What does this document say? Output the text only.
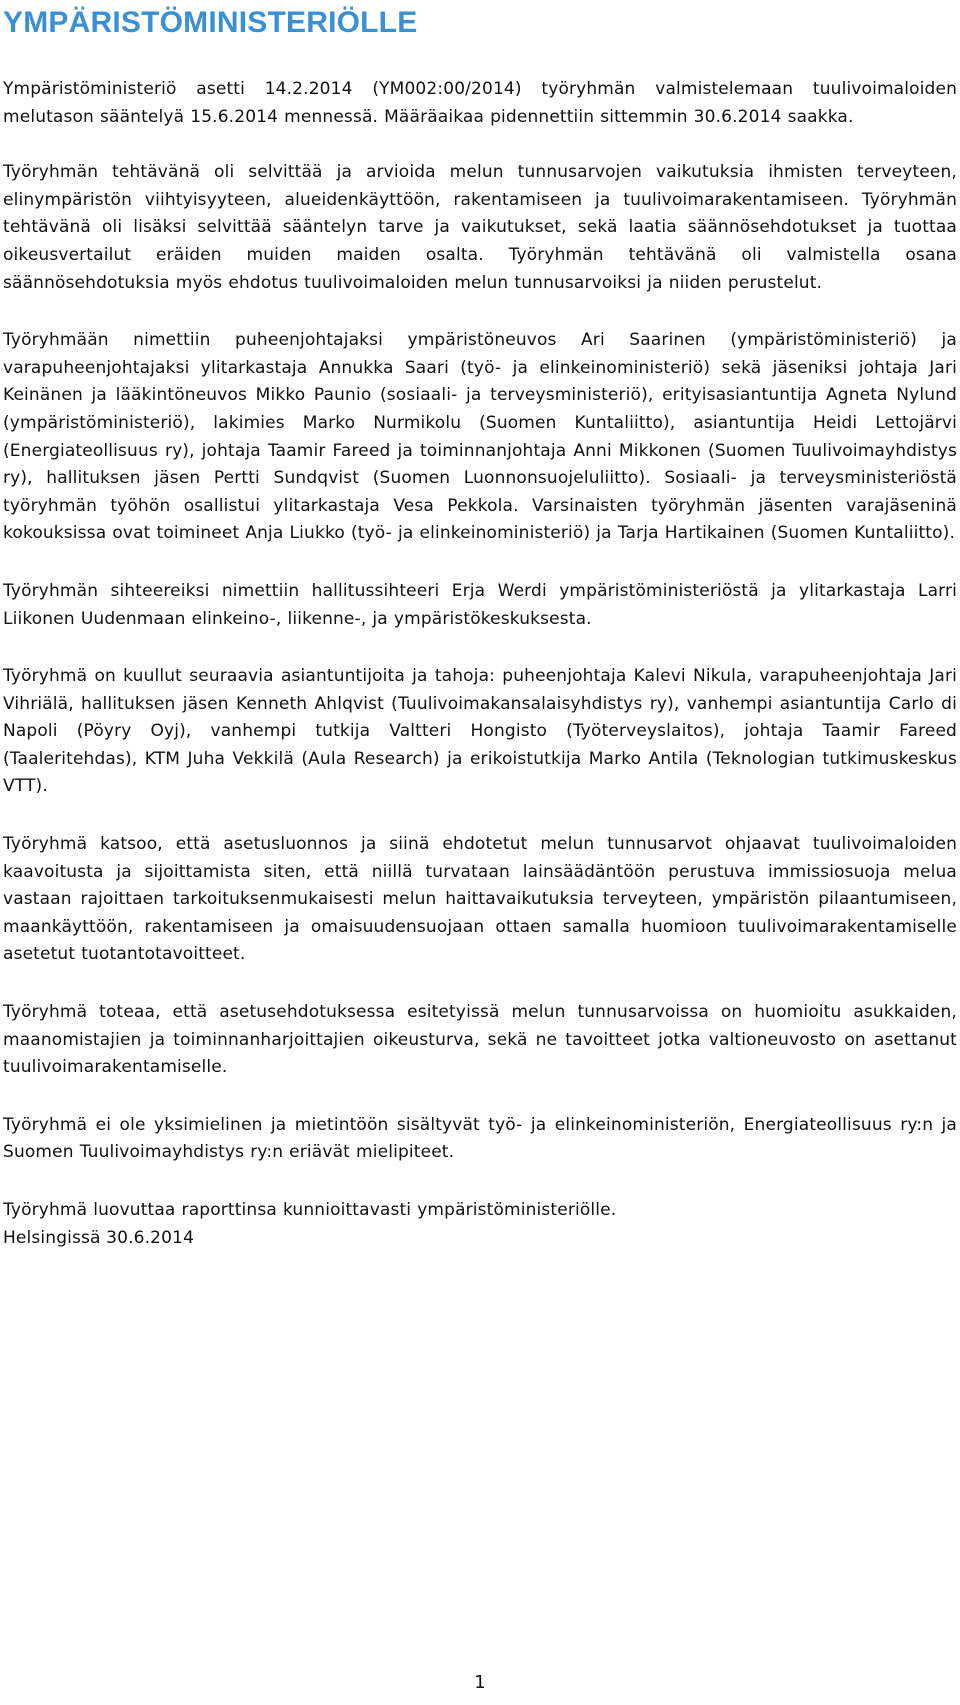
YMPÄRISTÖMINISTERIÖLLE

Ympäristöministeriö asetti 14.2.2014 (YM002:00/2014) työryhmän valmistelemaan tuulivoimaloiden melutason sääntelyä 15.6.2014 mennessä. Määräaikaa pidennettiin sittemmin 30.6.2014 saakka.

Työryhmän tehtävänä oli selvittää ja arvioida melun tunnusarvojen vaikutuksia ihmisten terveyteen, elinympäristön viihtyisyyteen, alueidenkäyttöön, rakentamiseen ja tuulivoimarakentamiseen. Työryhmän tehtävänä oli lisäksi selvittää sääntelyn tarve ja vaikutukset, sekä laatia säännösehdotukset ja tuottaa oikeusvertailut eräiden muiden maiden osalta. Työryhmän tehtävänä oli valmistella osana säännösehdotuksia myös ehdotus tuulivoimaloiden melun tunnusarvoiksi ja niiden perustelut.

Työryhmään nimettiin puheenjohtajaksi ympäristöneuvos Ari Saarinen (ympäristöministeriö) ja varapuheenjohtajaksi ylitarkastaja Annukka Saari (työ- ja elinkeinoministeriö) sekä jäseniksi johtaja Jari Keinänen ja lääkintöneuvos Mikko Paunio (sosiaali- ja terveysministeriö), erityisasiantuntija Agneta Nylund (ympäristöministeriö), lakimies Marko Nurmikolu (Suomen Kuntaliitto), asiantuntija Heidi Lettojärvi (Energiateollisuus ry), johtaja Taamir Fareed ja toiminnanjohtaja Anni Mikkonen (Suomen Tuulivoimayhdistys ry), hallituksen jäsen Pertti Sundqvist (Suomen Luonnonsuojeluliitto). Sosiaali- ja terveysministeriöstä työryhmän työhön osallistui ylitarkastaja Vesa Pekkola. Varsinaisten työryhmän jäsenten varajäseninä kokouksissa ovat toimineet Anja Liukko (työ- ja elinkeinoministeriö) ja Tarja Hartikainen (Suomen Kuntaliitto).

Työryhmän sihteereiksi nimettiin hallitussihteeri Erja Werdi ympäristöministeriöstä ja ylitarkastaja Larri Liikonen Uudenmaan elinkeino-, liikenne-, ja ympäristökeskuksesta.

Työryhmä on kuullut seuraavia asiantuntijoita ja tahoja: puheenjohtaja Kalevi Nikula, varapuheenjohtaja Jari Vihriälä, hallituksen jäsen Kenneth Ahlqvist (Tuulivoimakansalaisyhdistys ry), vanhempi asiantuntija Carlo di Napoli (Pöyry Oyj), vanhempi tutkija Valtteri Hongisto (Työterveyslaitos), johtaja Taamir Fareed (Taaleritehdas), KTM Juha Vekkilä (Aula Research) ja erikoistutkija Marko Antila (Teknologian tutkimuskeskus VTT).

Työryhmä katsoo, että asetusluonnos ja siinä ehdotetut melun tunnusarvot ohjaavat tuulivoimaloiden kaavoitusta ja sijoittamista siten, että niillä turvataan lainsäädäntöön perustuva immissiosuoja melua vastaan rajoittaen tarkoituksenmukaisesti melun haittavaikutuksia terveyteen, ympäristön pilaantumiseen, maankäyttöön, rakentamiseen ja omaisuudensuojaan ottaen samalla huomioon tuulivoimarakentamiselle asetetut tuotantotavoitteet.

Työryhmä toteaa, että asetusehdotuksessa esitetyissä melun tunnusarvoissa on huomioitu asukkaiden, maanomistajien ja toiminnanharjoittajien oikeusturva, sekä ne tavoitteet jotka valtioneuvosto on asettanut tuulivoimarakentamiselle.

Työryhmä ei ole yksimielinen ja mietintöön sisältyvät työ- ja elinkeinoministeriön, Energiateollisuus ry:n ja Suomen Tuulivoimayhdistys ry:n eriävät mielipiteet.

Työryhmä luovuttaa raporttinsa kunnioittavasti ympäristöministeriölle.

Helsingissä 30.6.2014

1
